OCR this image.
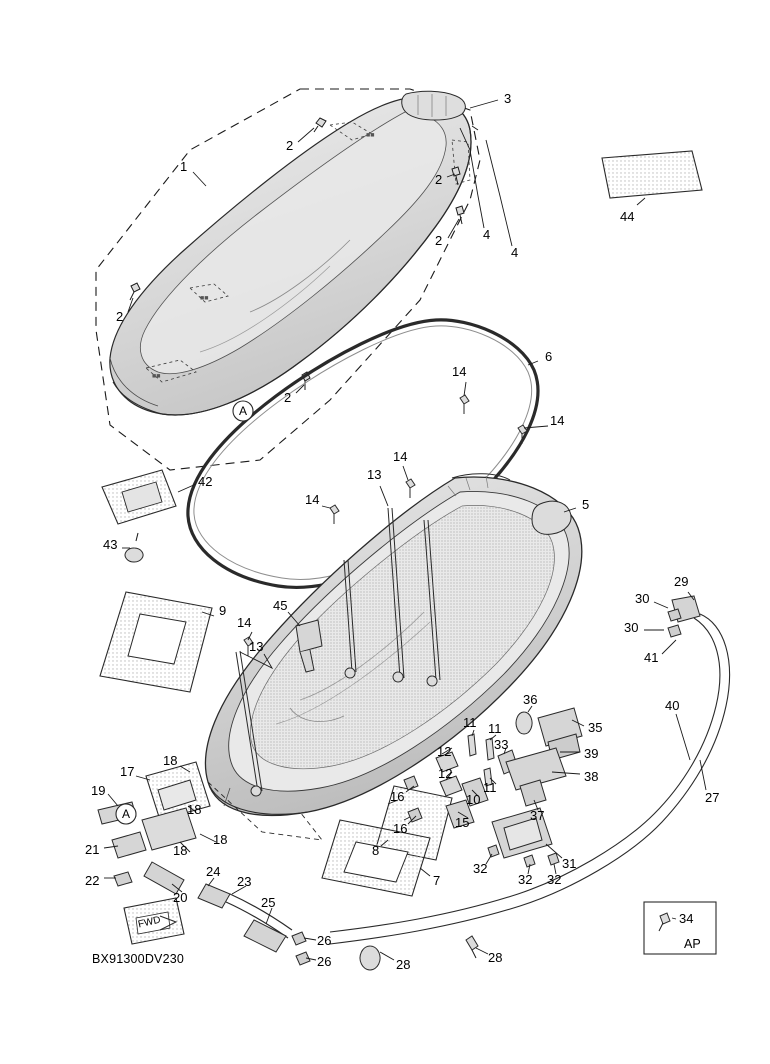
■■
■■
■■
1
3
2
2
2
2
2
4
4
44
6
14
14
5
13
14
14
42
43
9	45
14
13
29
30
30
41
40
27
36
35
39
38
33
11 11
11
12
12
10
37
15
16
16
8
7
31
32
32 32
17
18
18
18
18
19
21
22
20
24
23
25
26
26	28	28
34
A
A
FWD
AP
BX91300DV230
